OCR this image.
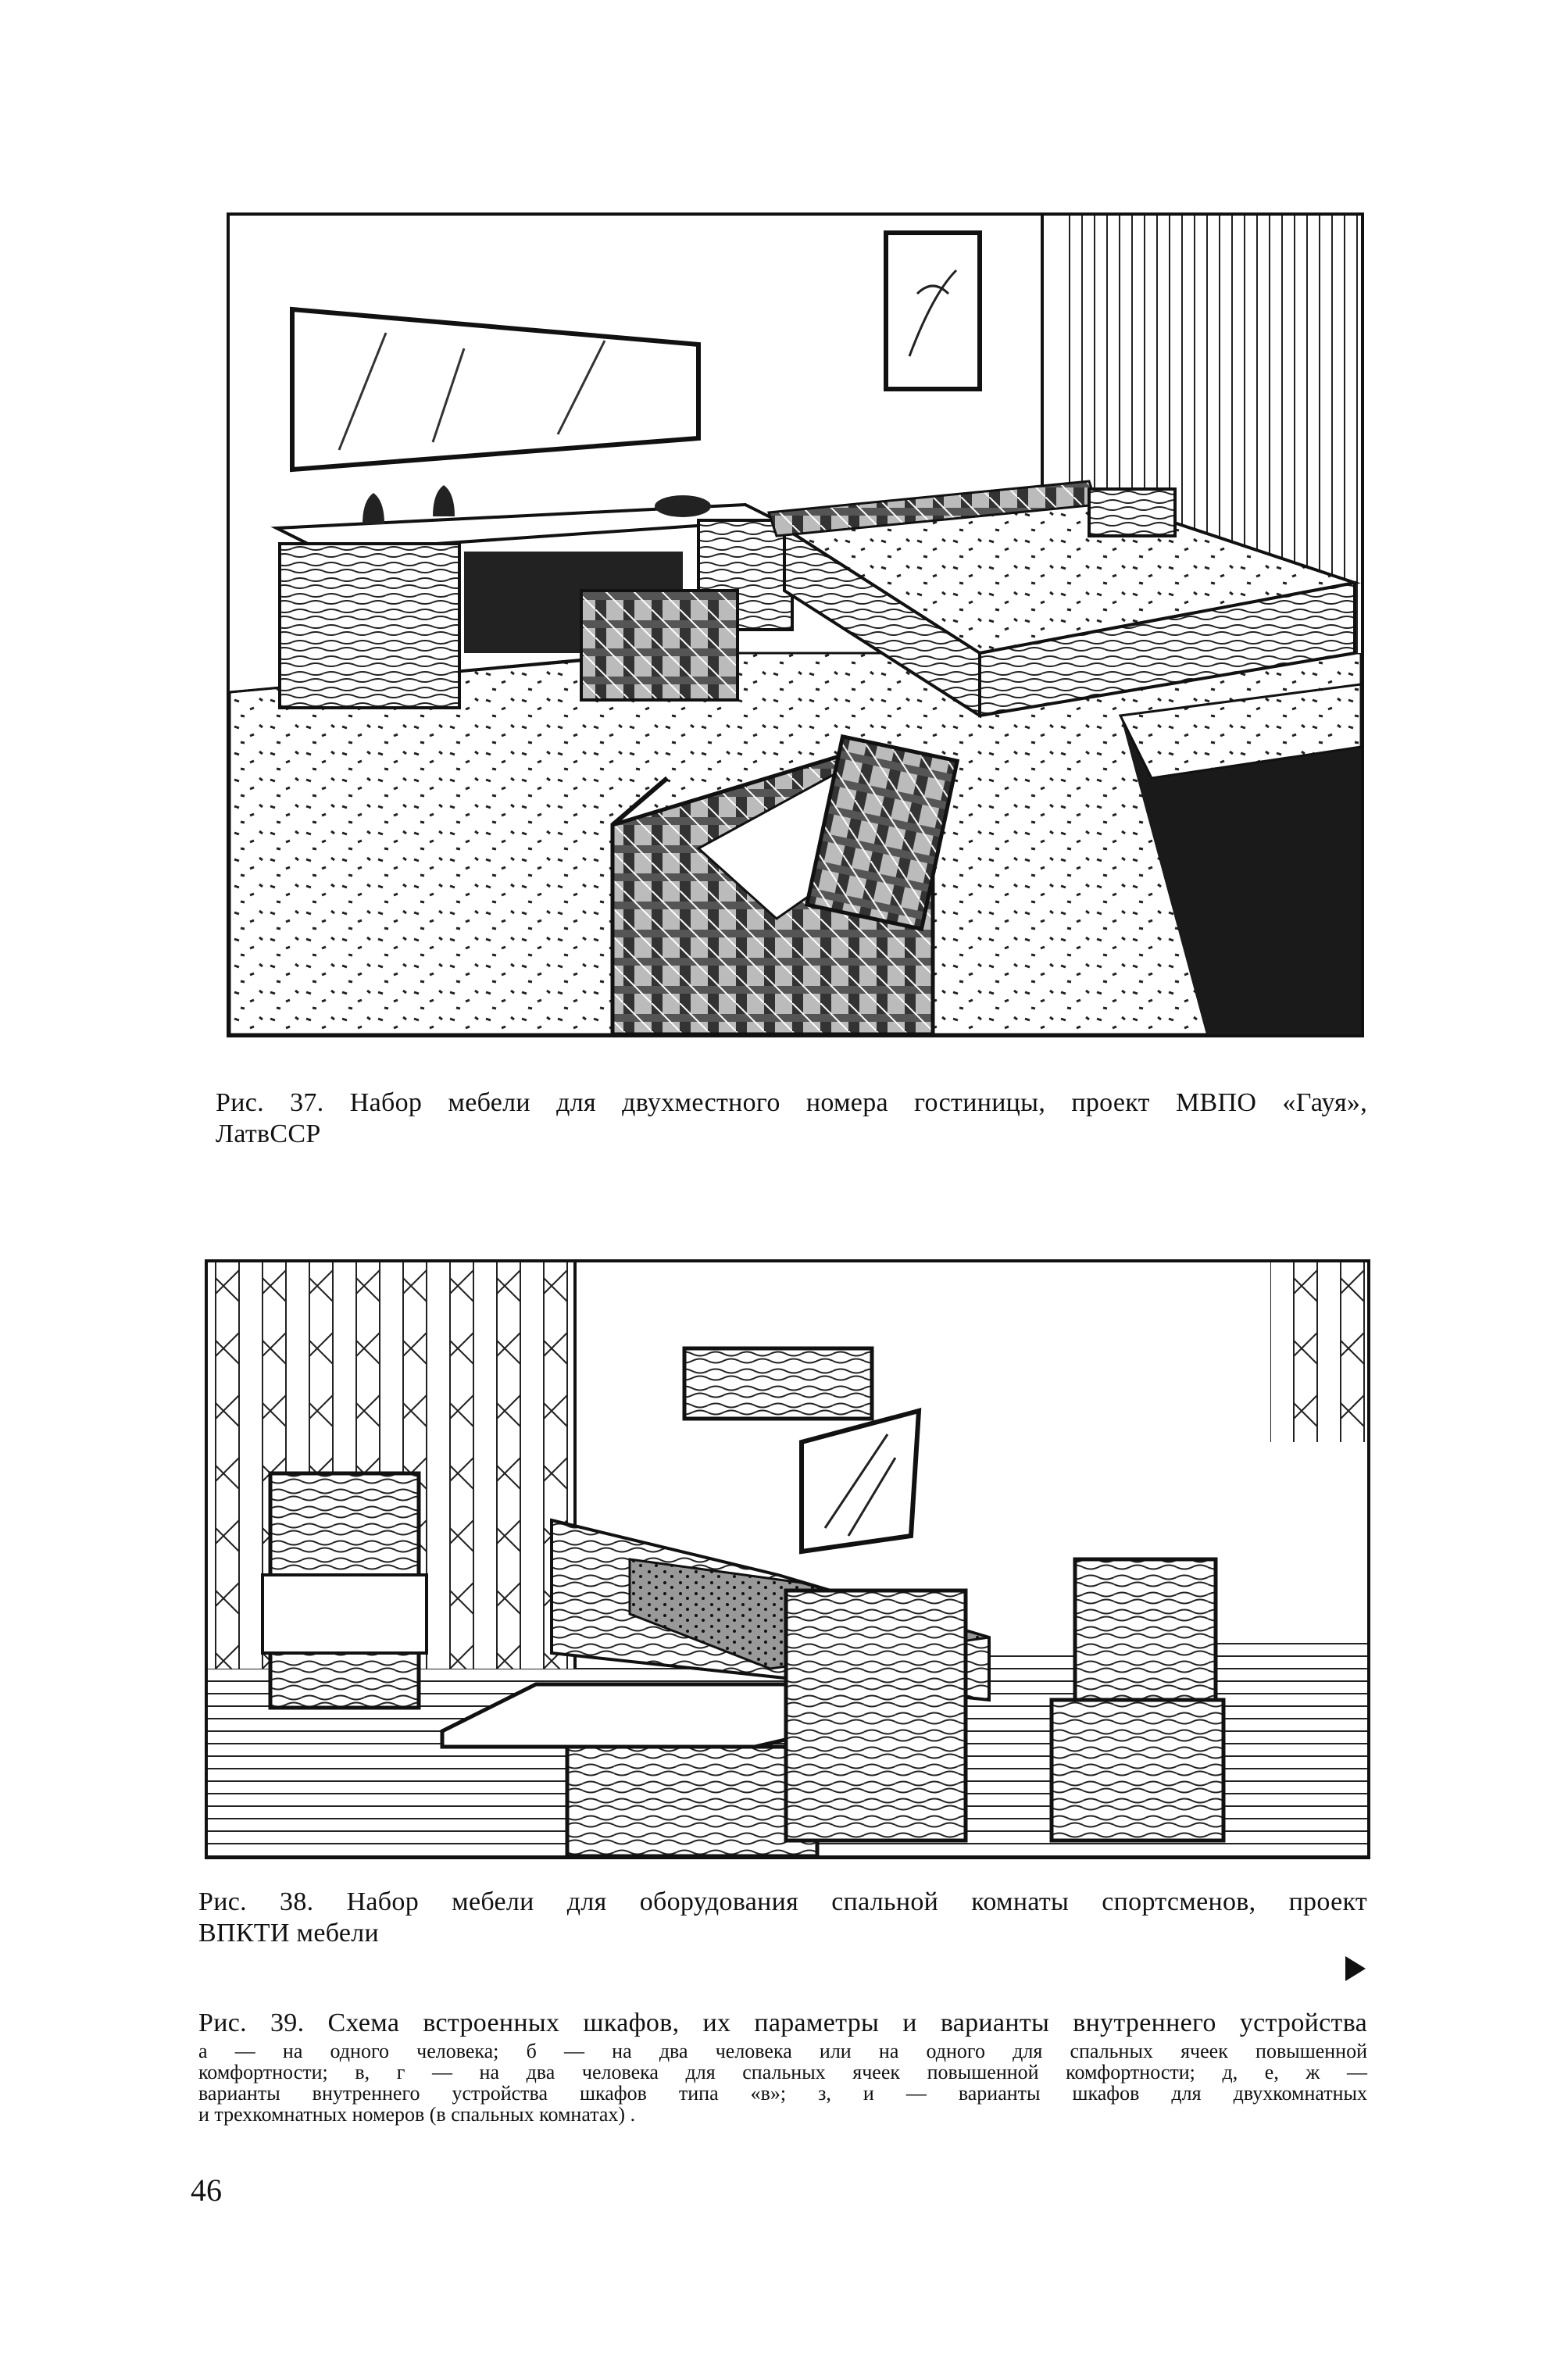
Рис. 37. Набор мебели для двухместного номера гостиницы, проект МВПО «Гауя»,
ЛатвССР
Рис. 38. Набор мебели для оборудования спальной комнаты спортсменов, проект
ВПКТИ мебели
Рис. 39. Схема встроенных шкафов, их параметры и варианты внутреннего устройства
а — на одного человека; б — на два человека или на одного для спальных ячеек повышенной
комфортности; в, г — на два человека для спальных ячеек повышенной комфортности; д, е, ж —
варианты внутреннего устройства шкафов типа «в»; з, и — варианты шкафов для двухкомнатных
и трехкомнатных номеров (в спальных комнатах) .
46
